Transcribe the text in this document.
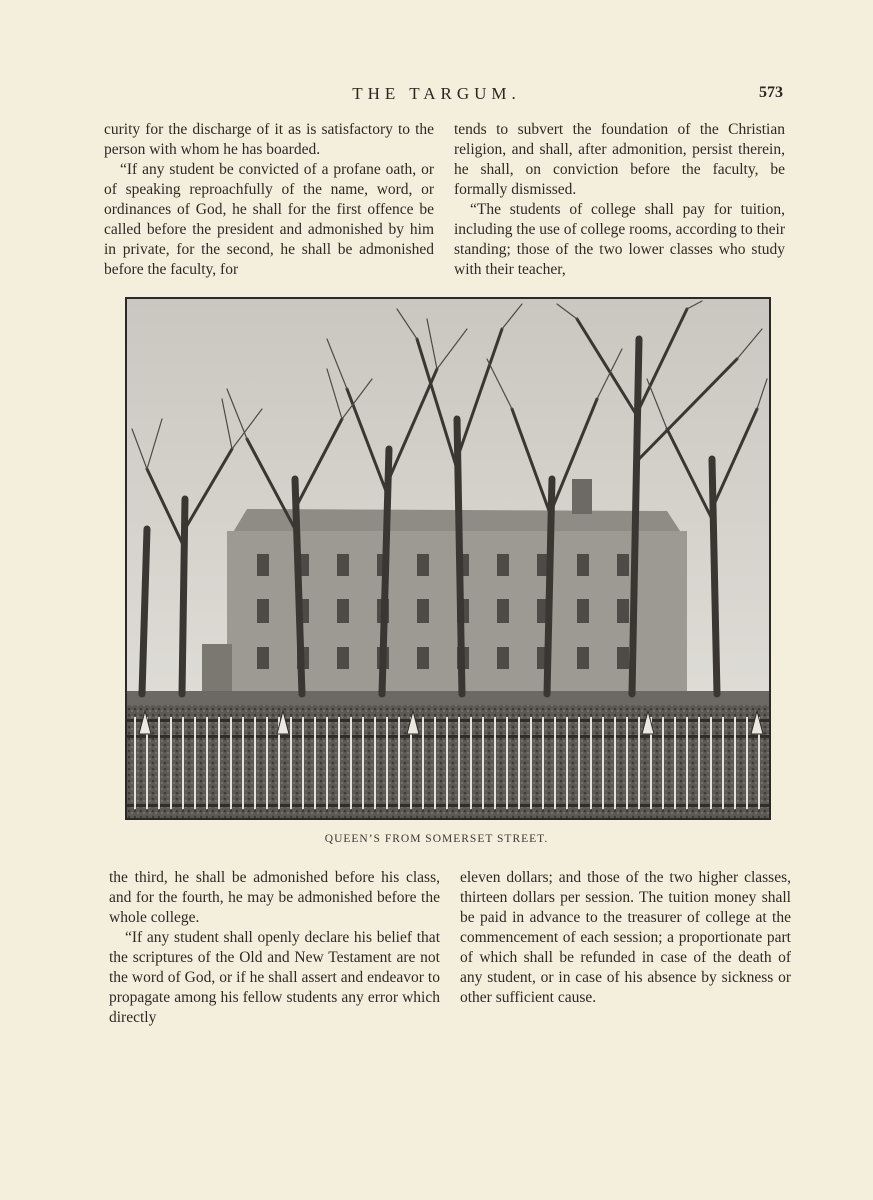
THE TARGUM.	573

curity for the discharge of it as is satisfactory to the person with whom he has boarded.

“If any student be convicted of a profane oath, or of speaking reproachfully of the name, word, or ordinances of God, he shall for the first offence be called before the president and admonished by him in private, for the second, he shall be admonished before the faculty, for

tends to subvert the foundation of the Christian religion, and shall, after admonition, persist therein, he shall, on conviction before the faculty, be formally dismissed.

“The students of college shall pay for tuition, including the use of college rooms, according to their standing; those of the two lower classes who study with their teacher,

QUEEN’S FROM SOMERSET STREET.

the third, he shall be admonished before his class, and for the fourth, he may be admonished before the whole college.

“If any student shall openly declare his belief that the scriptures of the Old and New Testament are not the word of God, or if he shall assert and endeavor to propagate among his fellow students any error which directly

eleven dollars; and those of the two higher classes, thirteen dollars per session. The tuition money shall be paid in advance to the treasurer of college at the commencement of each session; a proportionate part of which shall be refunded in case of the death of any student, or in case of his absence by sickness or other sufficient cause.
